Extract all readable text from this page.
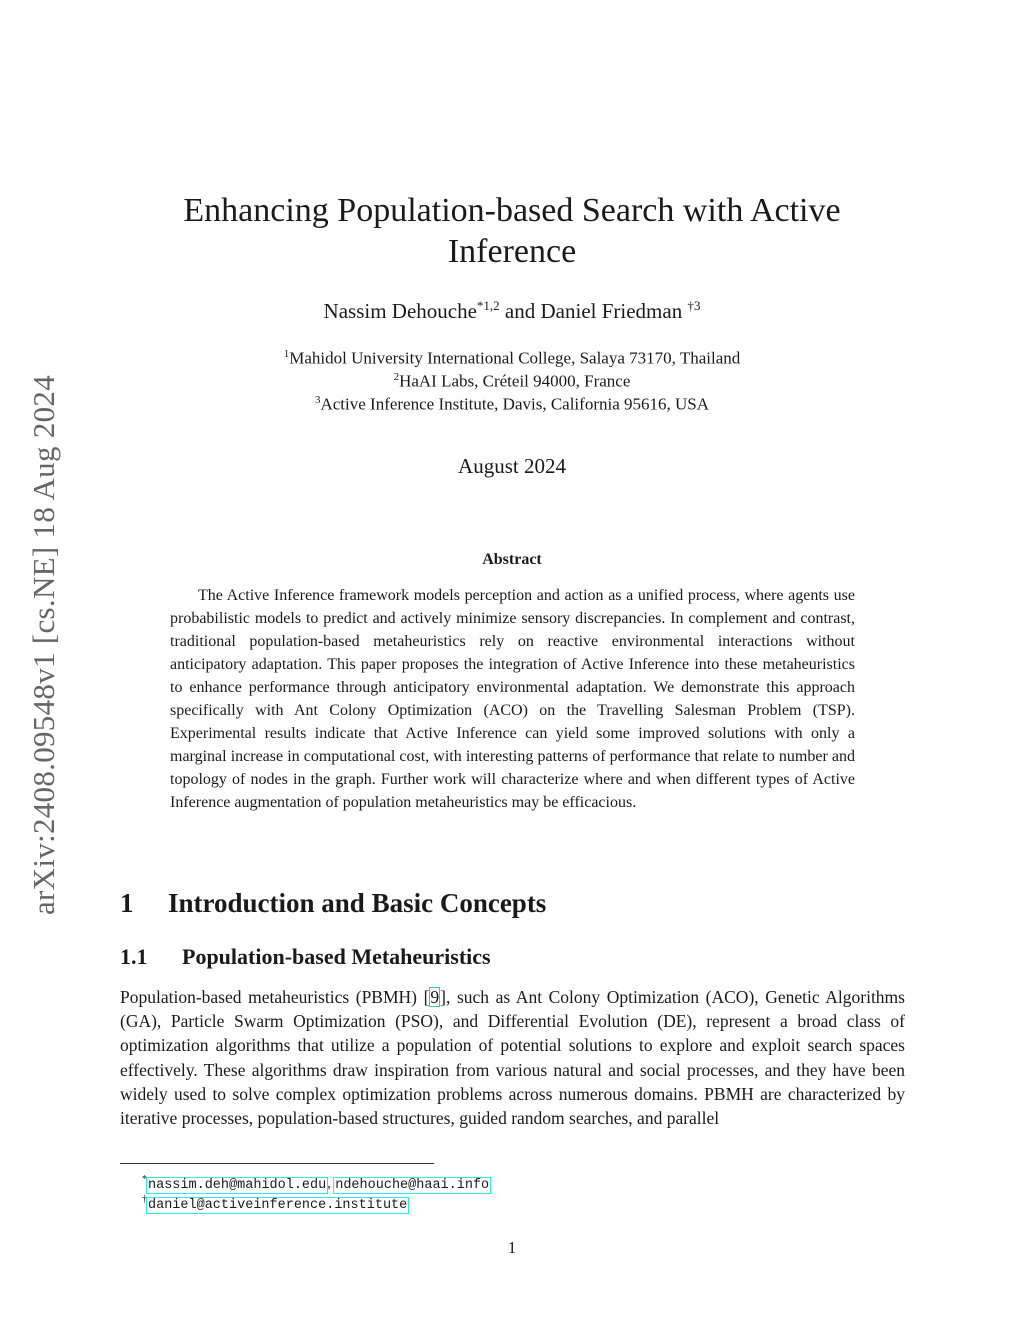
arXiv:2408.09548v1 [cs.NE] 18 Aug 2024
Enhancing Population-based Search with Active
Inference
Nassim Dehouche$^{*1,2}$ and Daniel Friedman $^{\dagger 3}$
$^1$Mahidol University International College, Salaya 73170, Thailand
$^2$HaAI Labs, Créteil 94000, France
$^3$Active Inference Institute, Davis, California 95616, USA
August 2024
Abstract

The Active Inference framework models perception and action as a unified process, where agents use probabilistic models to predict and actively minimize sensory discrepancies. In complement and contrast, traditional population-based metaheuristics rely on reactive environmental interactions without anticipatory adaptation. This paper proposes the integration of Active Inference into these metaheuristics to enhance performance through anticipatory environmental adaptation. We demonstrate this approach specifically with Ant Colony Optimization (ACO) on the Travelling Salesman Problem (TSP). Experimental results indicate that Active Inference can yield some improved solutions with only a marginal increase in computational cost, with interesting patterns of performance that relate to number and topology of nodes in the graph. Further work will characterize where and when different types of Active Inference augmentation of population metaheuristics may be efficacious.

1 Introduction and Basic Concepts
1.1 Population-based Metaheuristics

Population-based metaheuristics (PBMH) [9], such as Ant Colony Optimization (ACO), Genetic Algorithms (GA), Particle Swarm Optimization (PSO), and Differential Evolution (DE), represent a broad class of optimization algorithms that utilize a population of potential solutions to explore and exploit search spaces effectively. These algorithms draw inspiration from various natural and social processes, and they have been widely used to solve complex optimization problems across numerous domains. PBMH are characterized by iterative processes, population-based structures, guided random searches, and parallel

*nassim.deh@mahidol.edu, ndehouche@haai.info
†daniel@activeinference.institute
1
